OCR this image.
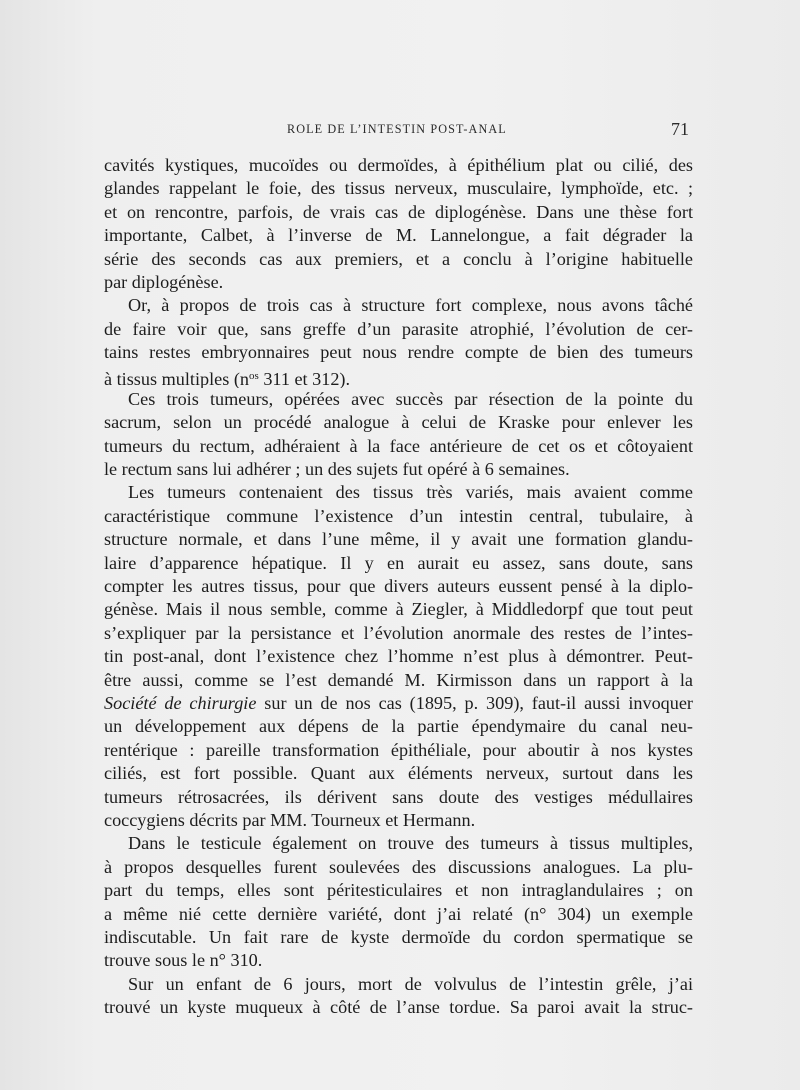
ROLE DE L’INTESTIN POST-ANAL	71
cavités kystiques, mucoïdes ou dermoïdes, à épithélium plat ou cilié, des
glandes rappelant le foie, des tissus nerveux, musculaire, lymphoïde, etc. ;
et on rencontre, parfois, de vrais cas de diplogénèse. Dans une thèse fort
importante, Calbet, à l’inverse de M. Lannelongue, a fait dégrader la
série des seconds cas aux premiers, et a conclu à l’origine habituelle
par diplogénèse.
Or, à propos de trois cas à structure fort complexe, nous avons tâché
de faire voir que, sans greffe d’un parasite atrophié, l’évolution de cer-
tains restes embryonnaires peut nous rendre compte de bien des tumeurs
à tissus multiples ($n^{os}$ 311 et 312).
Ces trois tumeurs, opérées avec succès par résection de la pointe du
sacrum, selon un procédé analogue à celui de Kraske pour enlever les
tumeurs du rectum, adhéraient à la face antérieure de cet os et côtoyaient
le rectum sans lui adhérer ; un des sujets fut opéré à 6 semaines.
Les tumeurs contenaient des tissus très variés, mais avaient comme
caractéristique commune l’existence d’un intestin central, tubulaire, à
structure normale, et dans l’une même, il y avait une formation glandu-
laire d’apparence hépatique. Il y en aurait eu assez, sans doute, sans
compter les autres tissus, pour que divers auteurs eussent pensé à la diplo-
génèse. Mais il nous semble, comme à Ziegler, à Middledorpf que tout peut
s’expliquer par la persistance et l’évolution anormale des restes de l’intes-
tin post-anal, dont l’existence chez l’homme n’est plus à démontrer. Peut-
être aussi, comme se l’est demandé M. Kirmisson dans un rapport à la
Société de chirurgie sur un de nos cas (1895, p. 309), faut-il aussi invoquer
un développement aux dépens de la partie épendymaire du canal neu-
rentérique : pareille transformation épithéliale, pour aboutir à nos kystes
ciliés, est fort possible. Quant aux éléments nerveux, surtout dans les
tumeurs rétrosacrées, ils dérivent sans doute des vestiges médullaires
coccygiens décrits par MM. Tourneux et Hermann.
Dans le testicule également on trouve des tumeurs à tissus multiples,
à propos desquelles furent soulevées des discussions analogues. La plu-
part du temps, elles sont péritesticulaires et non intraglandulaires ; on
a même nié cette dernière variété, dont j’ai relaté (n° 304) un exemple
indiscutable. Un fait rare de kyste dermoïde du cordon spermatique se
trouve sous le n° 310.
Sur un enfant de 6 jours, mort de volvulus de l’intestin grêle, j’ai
trouvé un kyste muqueux à côté de l’anse tordue. Sa paroi avait la struc-
